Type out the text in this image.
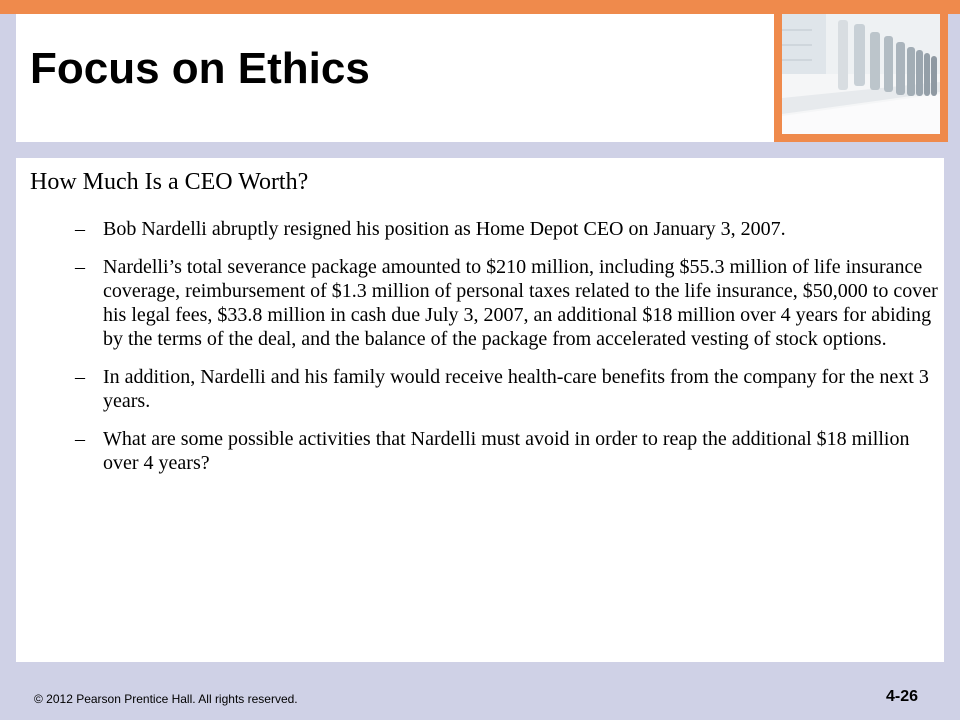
Focus on Ethics
How Much Is a CEO Worth?
– Bob Nardelli abruptly resigned his position as Home Depot CEO on January 3, 2007.
– Nardelli’s total severance package amounted to $210 million, including $55.3 million of life insurance coverage, reimbursement of $1.3 million of personal taxes related to the life insurance, $50,000 to cover his legal fees, $33.8 million in cash due July 3, 2007, an additional $18 million over 4 years for abiding by the terms of the deal, and the balance of the package from accelerated vesting of stock options.
– In addition, Nardelli and his family would receive health-care benefits from the company for the next 3 years.
– What are some possible activities that Nardelli must avoid in order to reap the additional $18 million over 4 years?
© 2012 Pearson Prentice Hall. All rights reserved.	4-26
